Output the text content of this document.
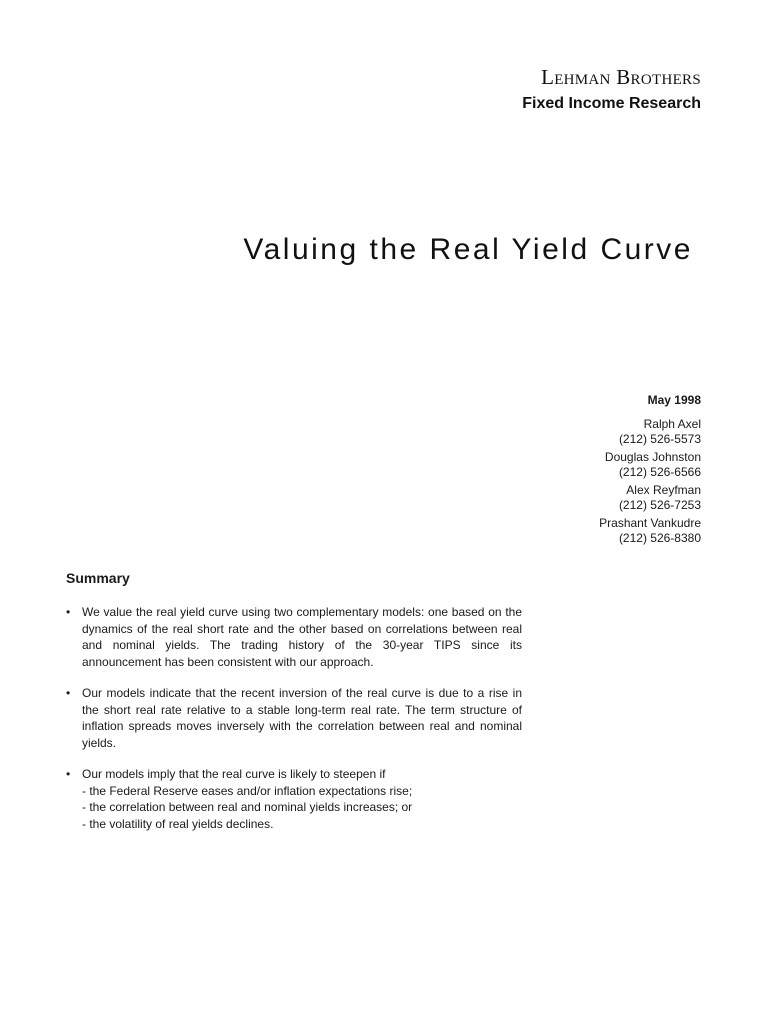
Lehman Brothers
Fixed Income Research
Valuing the Real Yield Curve
May 1998
Ralph Axel
(212) 526-5573
Douglas Johnston
(212) 526-6566
Alex Reyfman
(212) 526-7253
Prashant Vankudre
(212) 526-8380
Summary
• We value the real yield curve using two complementary models: one based on the dynamics of the real short rate and the other based on correlations between real and nominal yields. The trading history of the 30-year TIPS since its announcement has been consistent with our approach.
• Our models indicate that the recent inversion of the real curve is due to a rise in the short real rate relative to a stable long-term real rate. The term structure of inflation spreads moves inversely with the correlation between real and nominal yields.
• Our models imply that the real curve is likely to steepen if
- the Federal Reserve eases and/or inflation expectations rise;
- the correlation between real and nominal yields increases; or
- the volatility of real yields declines.
